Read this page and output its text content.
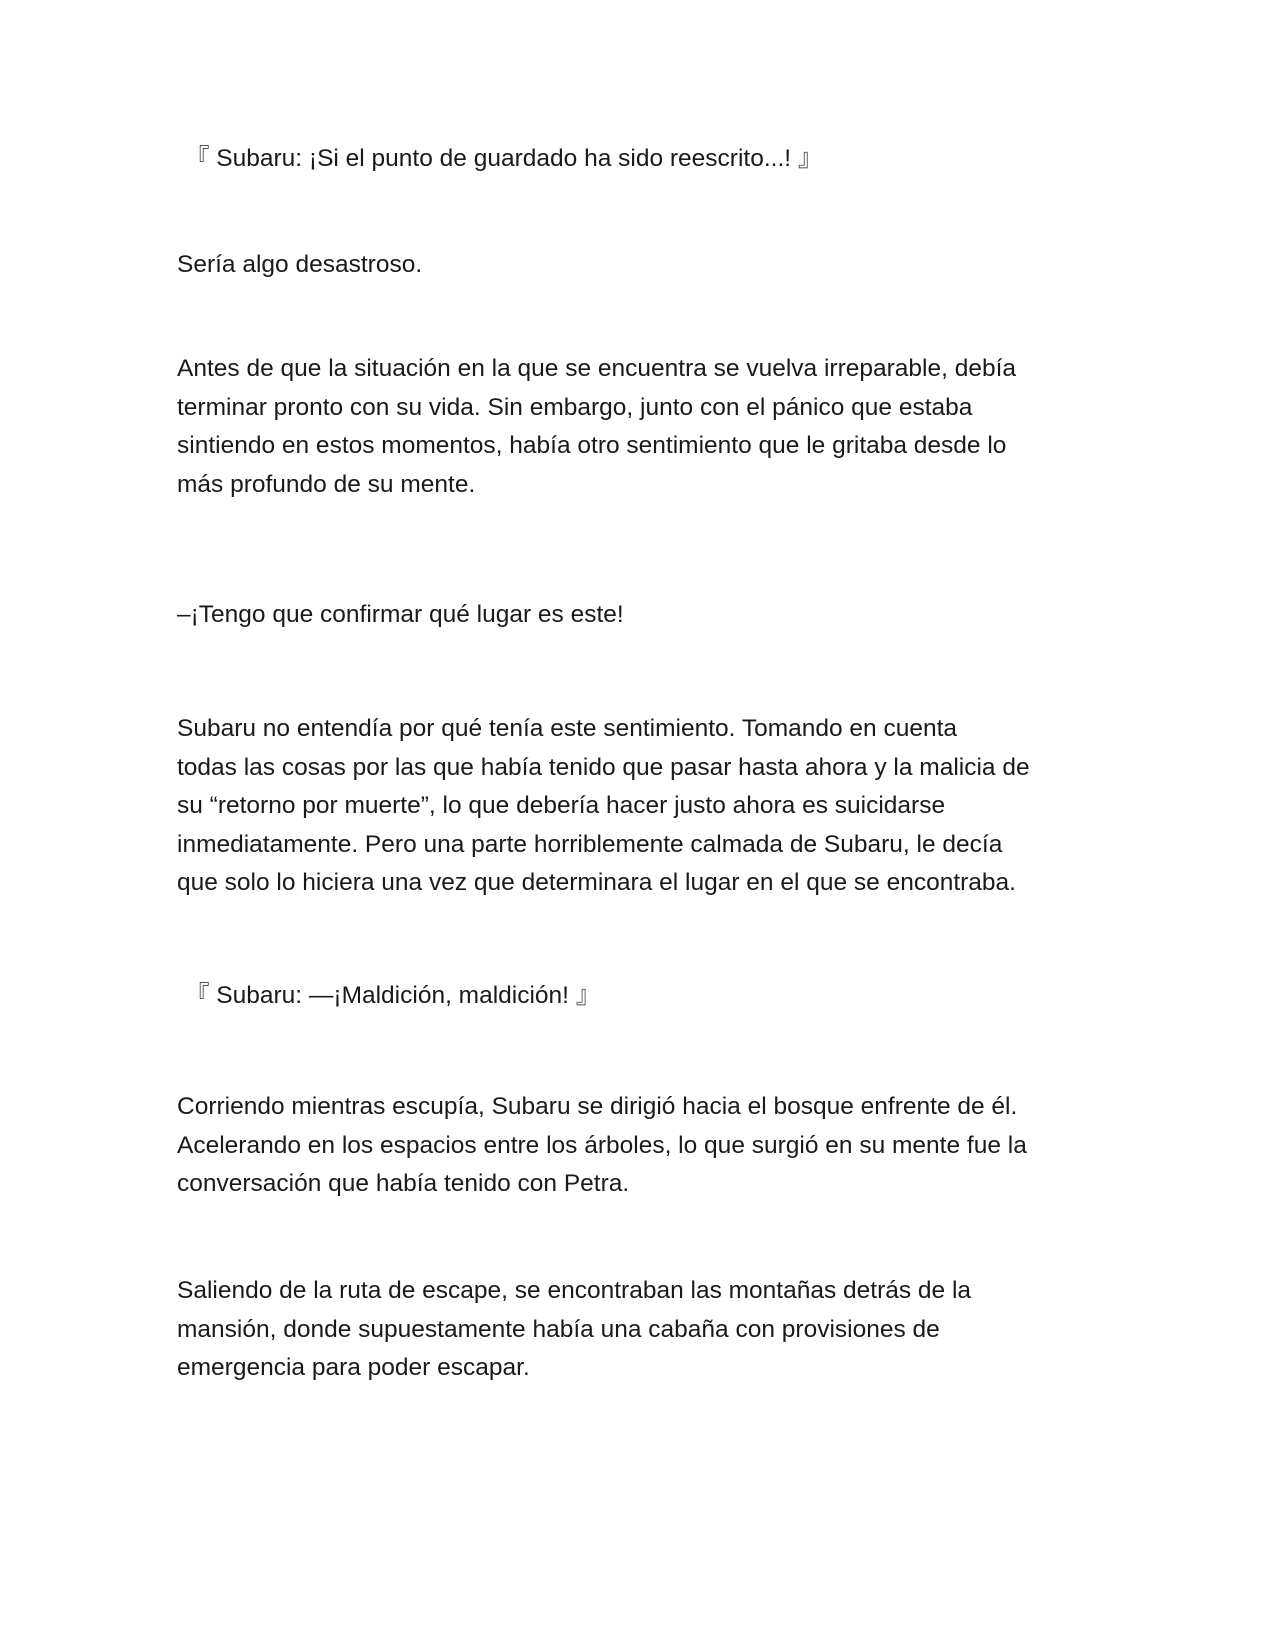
『 Subaru: ¡Si el punto de guardado ha sido reescrito...! 』
Sería algo desastroso.
Antes de que la situación en la que se encuentra se vuelva irreparable, debía
terminar pronto con su vida. Sin embargo, junto con el pánico que estaba
sintiendo en estos momentos, había otro sentimiento que le gritaba desde lo
más profundo de su mente.
–¡Tengo que confirmar qué lugar es este!
Subaru no entendía por qué tenía este sentimiento. Tomando en cuenta
todas las cosas por las que había tenido que pasar hasta ahora y la malicia de
su “retorno por muerte”, lo que debería hacer justo ahora es suicidarse
inmediatamente. Pero una parte horriblemente calmada de Subaru, le decía
que solo lo hiciera una vez que determinara el lugar en el que se encontraba.
『 Subaru: —¡Maldición, maldición! 』
Corriendo mientras escupía, Subaru se dirigió hacia el bosque enfrente de él.
Acelerando en los espacios entre los árboles, lo que surgió en su mente fue la
conversación que había tenido con Petra.
Saliendo de la ruta de escape, se encontraban las montañas detrás de la
mansión, donde supuestamente había una cabaña con provisiones de
emergencia para poder escapar.
